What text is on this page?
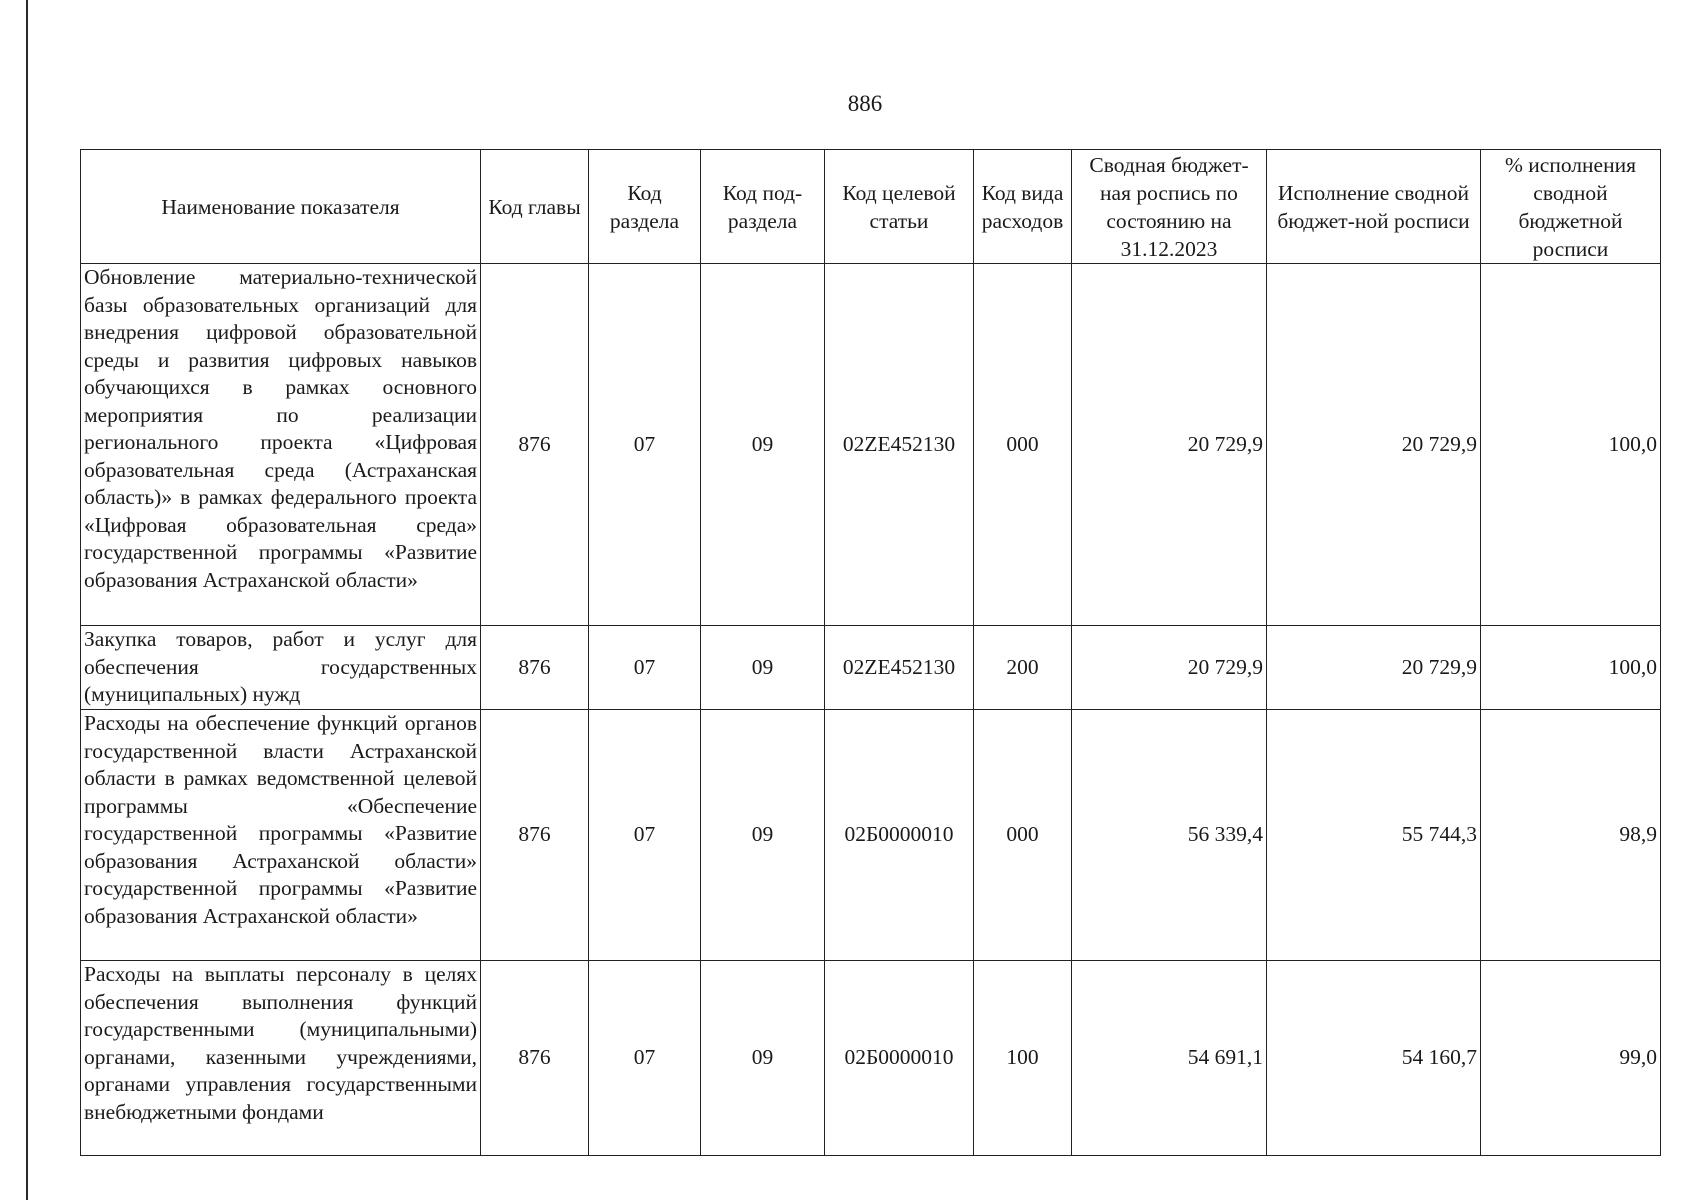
886
Наименование показателя	Код главы	Код раздела	Код под-раздела	Код целевой статьи	Код вида расходов	Сводная бюджет-ная роспись по состоянию на 31.12.2023	Исполнение сводной бюджет-ной росписи	% исполнения сводной бюджетной росписи
Обновление материально-технической базы образовательных организаций для внедрения цифровой образовательной среды и развития цифровых навыков обучающихся в рамках основного мероприятия по реализации регионального проекта «Цифровая образовательная среда (Астраханская область)» в рамках федерального проекта «Цифровая образовательная среда» государственной программы «Развитие образования Астраханской области»	876	07	09	02ZE452130	000	20 729,9	20 729,9	100,0
Закупка товаров, работ и услуг для обеспечения государственных (муниципальных) нужд	876	07	09	02ZE452130	200	20 729,9	20 729,9	100,0
Расходы на обеспечение функций органов государственной власти Астраханской области в рамках ведомственной целевой программы «Обеспечение государственной программы «Развитие образования Астраханской области» государственной программы «Развитие образования Астраханской области»	876	07	09	02Б0000010	000	56 339,4	55 744,3	98,9
Расходы на выплаты персоналу в целях обеспечения выполнения функций государственными (муниципальными) органами, казенными учреждениями, органами управления государственными внебюджетными фондами	876	07	09	02Б0000010	100	54 691,1	54 160,7	99,0
